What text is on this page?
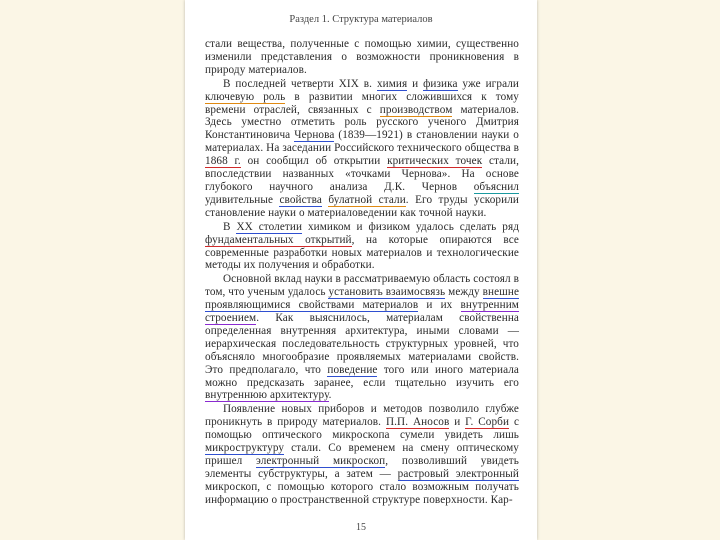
Раздел 1. Структура материалов

стали вещества, полученные с помощью химии, существенно изменили представления о возможности проникновения в природу материалов.

В последней четверти XIX в. химия и физика уже играли ключевую роль в развитии многих сложившихся к тому времени отраслей, связанных с производством материалов. Здесь уместно отметить роль русского ученого Дмитрия Константиновича Чернова (1839—1921) в становлении науки о материалах. На заседании Российского технического общества в 1868 г. он сообщил об открытии критических точек стали, впоследствии названных «точками Чернова». На основе глубокого научного анализа Д.К. Чернов объяснил удивительные свойства булатной стали. Его труды ускорили становление науки о материаловедении как точной науки.

В XX столетии химиком и физиком удалось сделать ряд фундаментальных открытий, на которые опираются все современные разработки новых материалов и технологические методы их получения и обработки.

Основной вклад науки в рассматриваемую область состоял в том, что ученым удалось установить взаимосвязь между внешне проявляющимися свойствами материалов и их внутренним строением. Как выяснилось, материалам свойственна определенная внутренняя архитектура, иными словами — иерархическая последовательность структурных уровней, что объясняло многообразие проявляемых материалами свойств. Это предполагало, что поведение того или иного материала можно предсказать заранее, если тщательно изучить его внутреннюю архитектуру.

Появление новых приборов и методов позволило глубже проникнуть в природу материалов. П.П. Аносов и Г. Сорби с помощью оптического микроскопа сумели увидеть лишь микроструктуру стали. Со временем на смену оптическому пришел электронный микроскоп, позволивший увидеть элементы субструктуры, а затем — растровый электронный микроскоп, с помощью которого стало возможным получать информацию о пространственной структуре поверхности. Кар-

15
